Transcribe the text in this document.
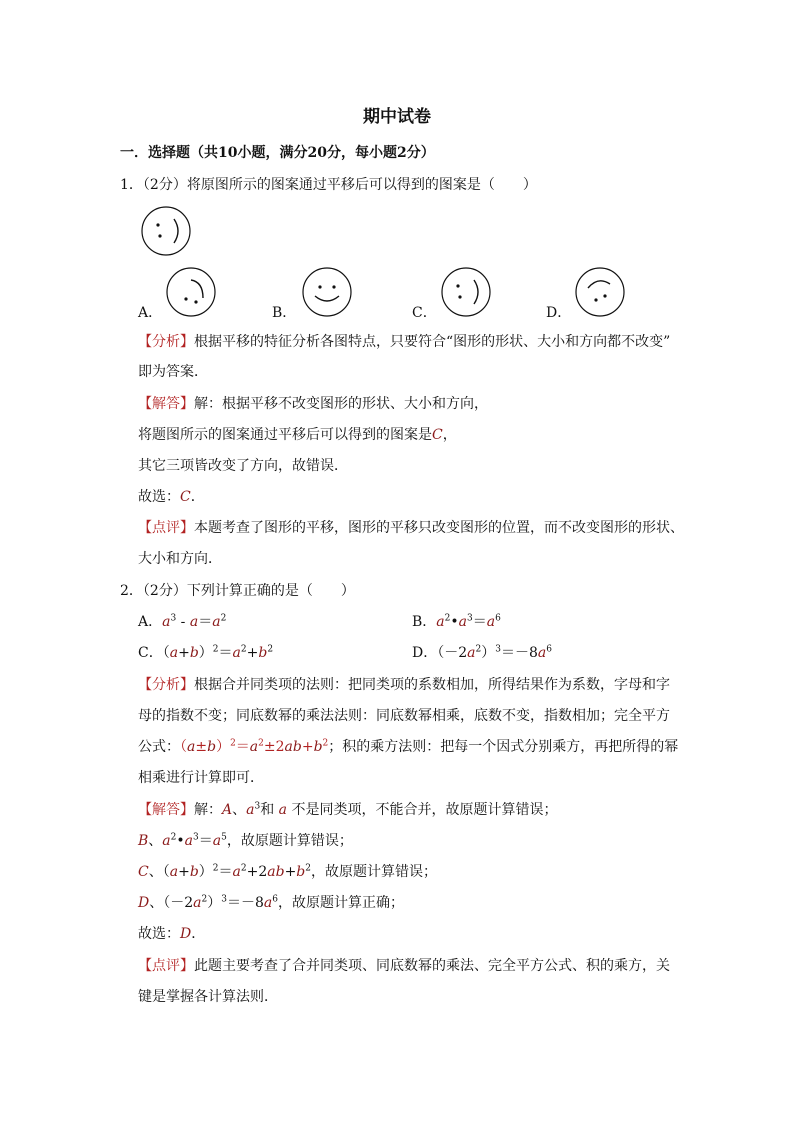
期中试卷
一．选择题（共10小题，满分20分，每小题2分）
1．（2分）将原图所示的图案通过平移后可以得到的图案是（　　）
A．	B．	C．	D．
【分析】根据平移的特征分析各图特点，只要符合“图形的形状、大小和方向都不改变”
即为答案．
【解答】解：根据平移不改变图形的形状、大小和方向，
将题图所示的图案通过平移后可以得到的图案是C，
其它三项皆改变了方向，故错误．
故选：C．
【点评】本题考查了图形的平移，图形的平移只改变图形的位置，而不改变图形的形状、
大小和方向．
2．（2分）下列计算正确的是（　　）
A．$a^3 - a=a^2$	B．$a^2•a^3=a^6$
C．$(a+b)^2=a^2+b^2$	D．$(-2a^2)^3=-8a^6$
【分析】根据合并同类项的法则：把同类项的系数相加，所得结果作为系数，字母和字
母的指数不变；同底数幂的乘法法则：同底数幂相乘，底数不变，指数相加；完全平方
公式：$(a\pm b)^2=a^2\pm 2ab+b^2$；积的乘方法则：把每一个因式分别乘方，再把所得的幂
相乘进行计算即可．
【解答】解：A、$a^3$和 a 不是同类项，不能合并，故原题计算错误；
B、$a^2•a^3=a^5$，故原题计算错误；
C、$(a+b)^2=a^2+2ab+b^2$，故原题计算错误；
D、$(-2a^2)^3=-8a^6$，故原题计算正确；
故选：D．
【点评】此题主要考查了合并同类项、同底数幂的乘法、完全平方公式、积的乘方，关
键是掌握各计算法则．
